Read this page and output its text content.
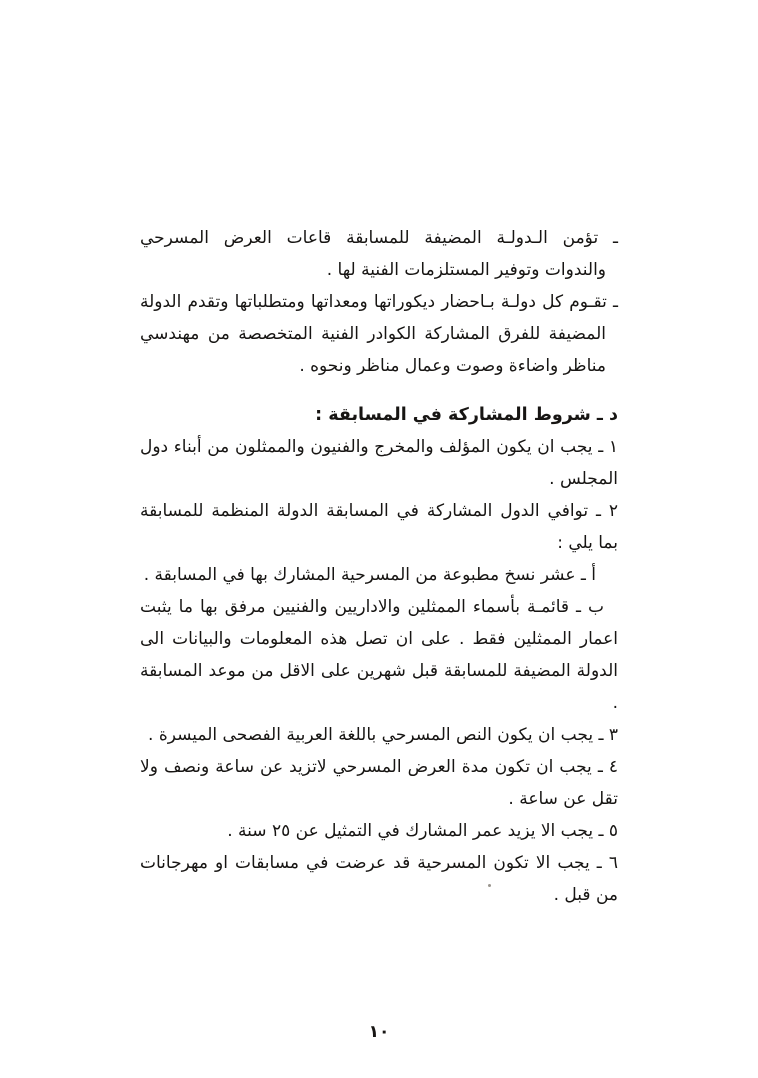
ـ تؤمن الـدولـة المضيفة للمسابقة قاعات العرض المسرحي والندوات وتوفير المستلزمات الفنية لها .

ـ تقـوم كل دولـة بـاحضار ديكوراتها ومعداتها ومتطلباتها وتقدم الدولة المضيفة للفرق المشاركة الكوادر الفنية المتخصصة من مهندسي مناظر واضاءة وصوت وعمال مناظر ونحوه .

د ـ شروط المشاركة في المسابقة :

١ ـ يجب ان يكون المؤلف والمخرج والفنيون والممثلون من أبناء دول المجلس .

٢ ـ توافي الدول المشاركة في المسابقة الدولة المنظمة للمسابقة بما يلي :

أ ـ عشر نسخ مطبوعة من المسرحية المشارك بها في المسابقة .

ب ـ قائمـة بأسماء الممثلين والاداريين والفنيين مرفق بها ما يثبت اعمار الممثلين فقط . على ان تصل هذه المعلومات والبيانات الى الدولة المضيفة للمسابقة قبل شهرين على الاقل من موعد المسابقة .

٣ ـ يجب ان يكون النص المسرحي باللغة العربية الفصحى الميسرة .

٤ ـ يجب ان تكون مدة العرض المسرحي لاتزيد عن ساعة ونصف ولا تقل عن ساعة .

٥ ـ يجب الا يزيد عمر المشارك في التمثيل عن ٢٥ سنة .

٦ ـ يجب الا تكون المسرحية قد عرضت في مسابقات او مهرجانات من قبل .

١٠
